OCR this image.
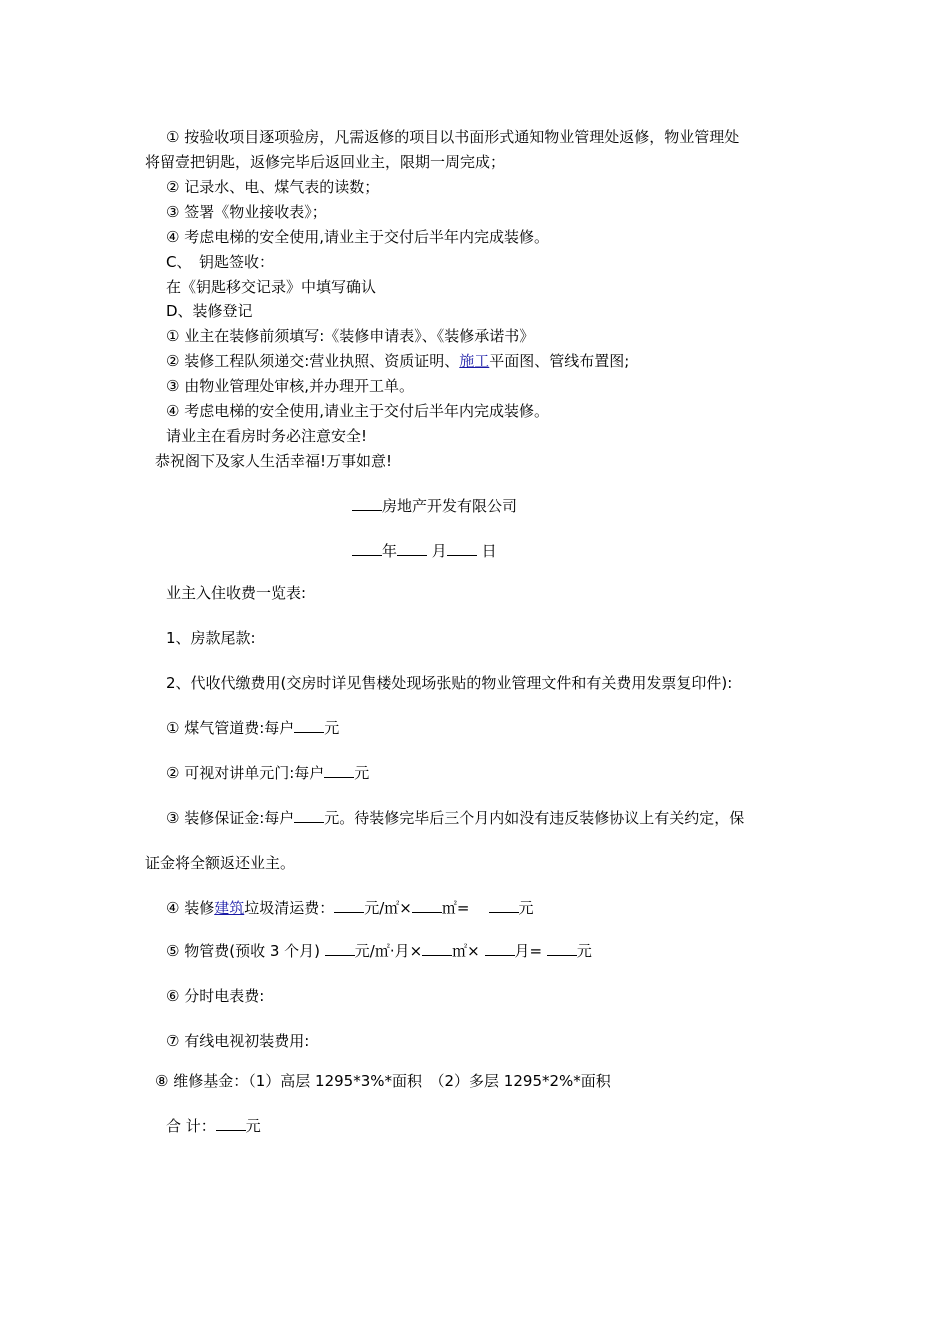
① 按验收项目逐项验房，凡需返修的项目以书面形式通知物业管理处返修，物业管理处
将留壹把钥匙，返修完毕后返回业主，限期一周完成；
② 记录水、电、煤气表的读数；
③ 签署《物业接收表》；
④ 考虑电梯的安全使用,请业主于交付后半年内完成装修。
C、　钥匙签收：
在《钥匙移交记录》中填写确认
D、装修登记
① 业主在装修前须填写:《装修申请表》、《装修承诺书》
② 装修工程队须递交:营业执照、资质证明、施工平面图、管线布置图;
③ 由物业管理处审核,并办理开工单。
④ 考虑电梯的安全使用,请业主于交付后半年内完成装修。
请业主在看房时务必注意安全!
恭祝阁下及家人生活幸福!万事如意!
房地产开发有限公司
年 月 日
业主入住收费一览表:
1、房款尾款:
2、代收代缴费用(交房时详见售楼处现场张贴的物业管理文件和有关费用发票复印件):
① 煤气管道费:每户 元
② 可视对讲单元门:每户 元
③ 装修保证金:每户 元。待装修完毕后三个月内如没有违反装修协议上有关约定，保
证金将全额返还业主。
④ 装修建筑垃圾清运费： 元/㎡× ㎡=	元
⑤ 物管费(预收 3 个月) 元/㎡·月× ㎡× 月= 元
⑥ 分时电表费:
⑦ 有线电视初装费用:
⑧ 维修基金：（1）高层 1295*3%*面积　（2）多层 1295*2%*面积
合 计： 元
